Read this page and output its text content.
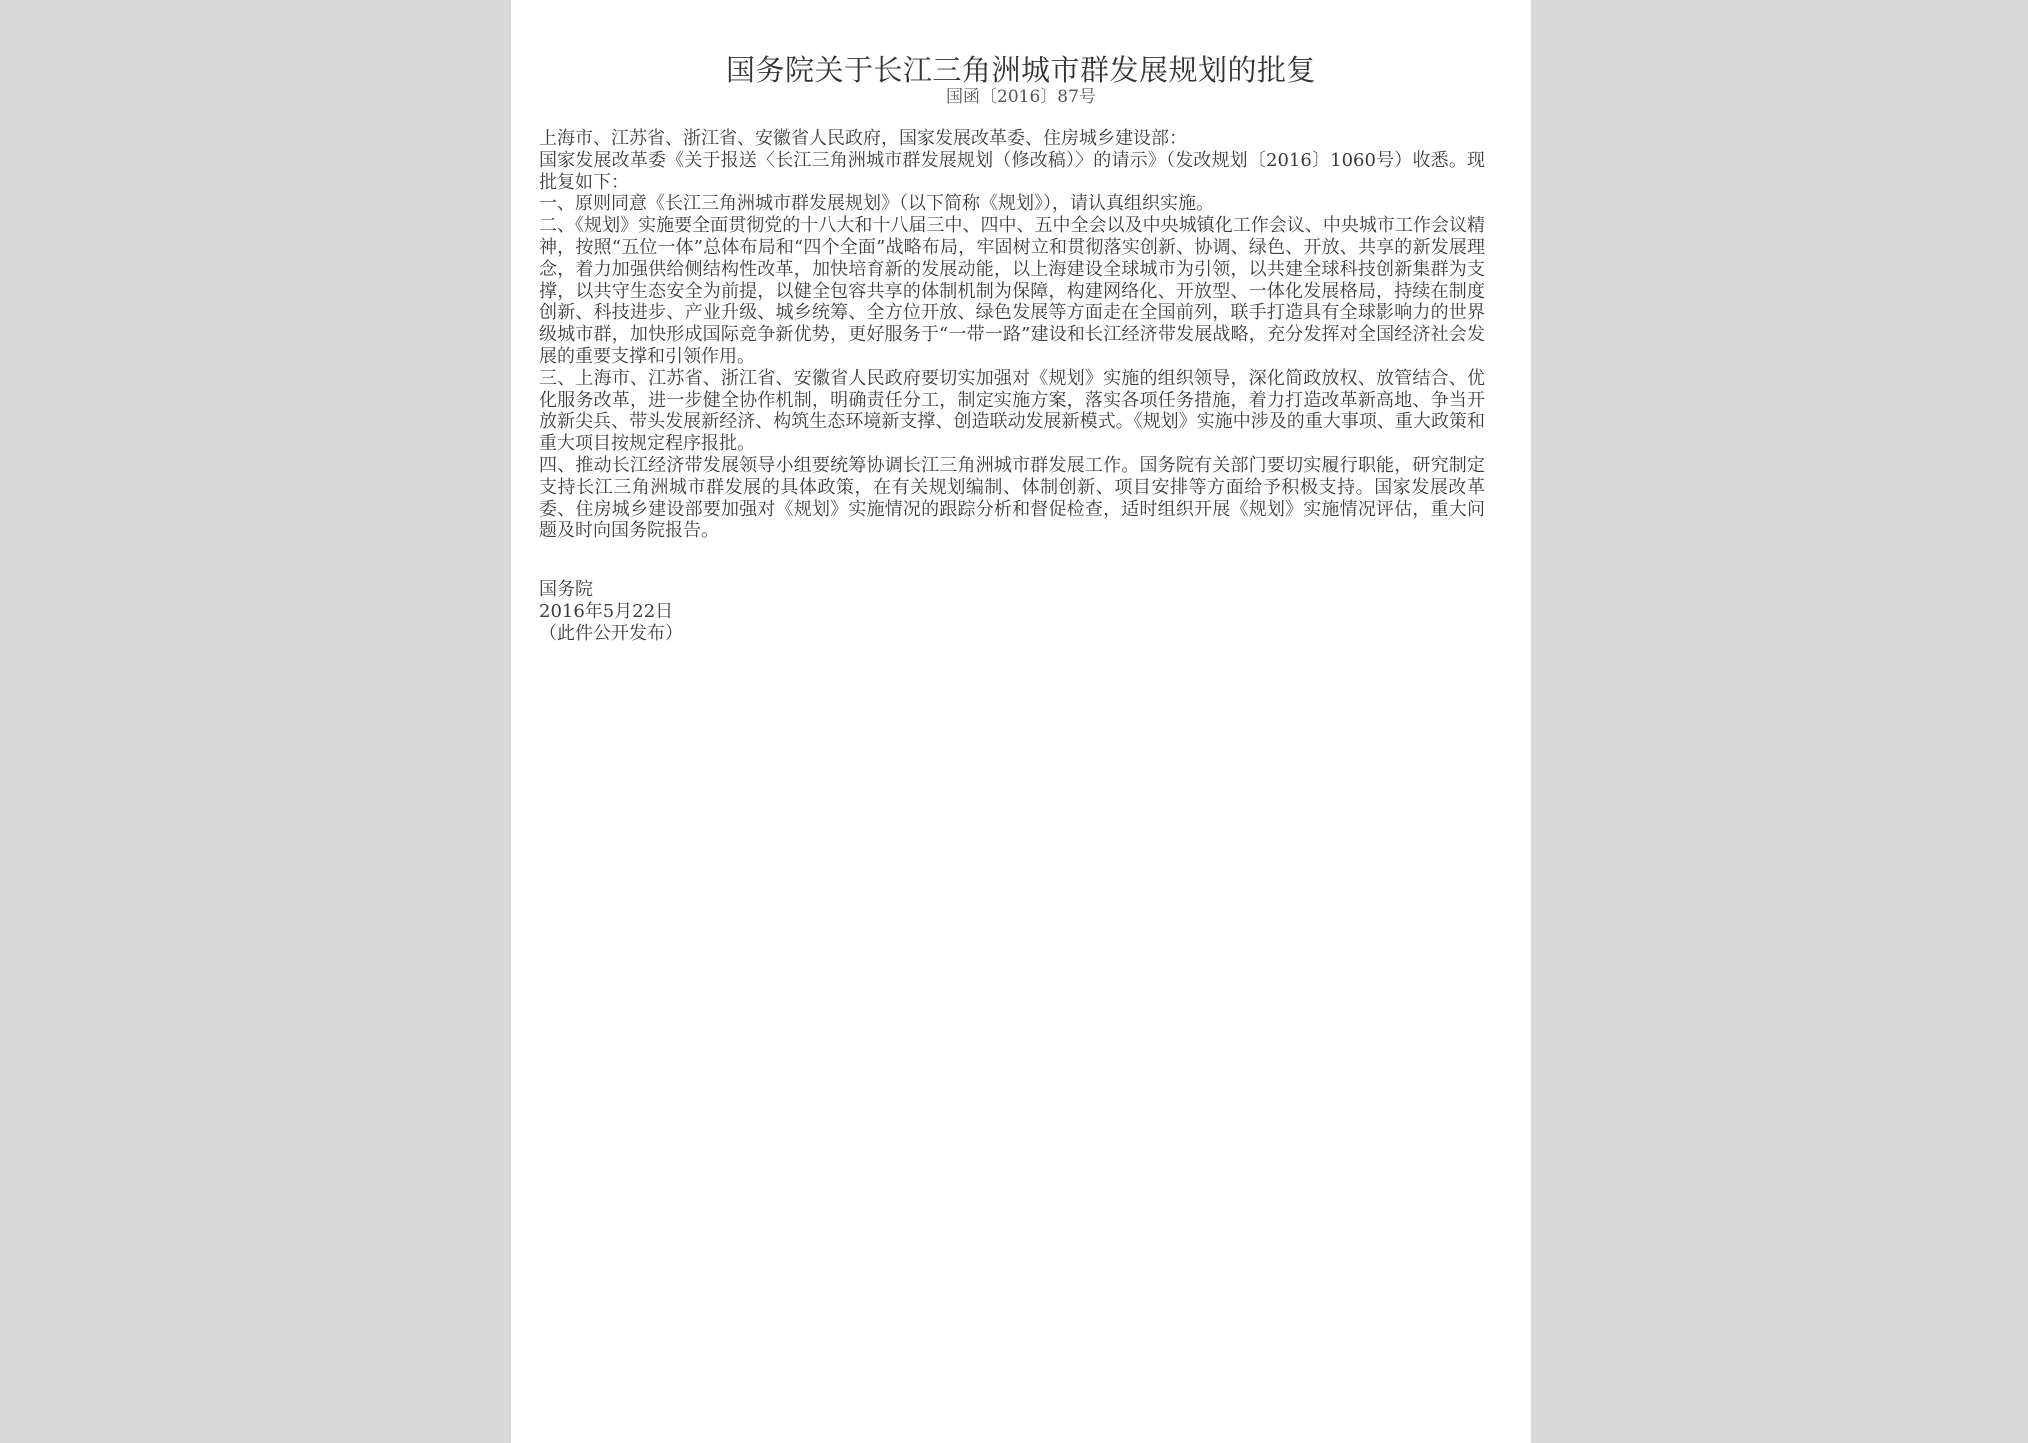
国务院关于长江三角洲城市群发展规划的批复
国函〔2016〕87号

上海市、江苏省、浙江省、安徽省人民政府，国家发展改革委、住房城乡建设部：

国家发展改革委《关于报送〈长江三角洲城市群发展规划（修改稿）〉的请示》（发改规划〔2016〕1060号）收悉。现批复如下：

一、原则同意《长江三角洲城市群发展规划》（以下简称《规划》），请认真组织实施。

二、《规划》实施要全面贯彻党的十八大和十八届三中、四中、五中全会以及中央城镇化工作会议、中央城市工作会议精神，按照“五位一体”总体布局和“四个全面”战略布局，牢固树立和贯彻落实创新、协调、绿色、开放、共享的新发展理念，着力加强供给侧结构性改革，加快培育新的发展动能，以上海建设全球城市为引领，以共建全球科技创新集群为支撑，以共守生态安全为前提，以健全包容共享的体制机制为保障，构建网络化、开放型、一体化发展格局，持续在制度创新、科技进步、产业升级、城乡统筹、全方位开放、绿色发展等方面走在全国前列，联手打造具有全球影响力的世界级城市群，加快形成国际竞争新优势，更好服务于“一带一路”建设和长江经济带发展战略，充分发挥对全国经济社会发展的重要支撑和引领作用。

三、上海市、江苏省、浙江省、安徽省人民政府要切实加强对《规划》实施的组织领导，深化简政放权、放管结合、优化服务改革，进一步健全协作机制，明确责任分工，制定实施方案，落实各项任务措施，着力打造改革新高地、争当开放新尖兵、带头发展新经济、构筑生态环境新支撑、创造联动发展新模式。《规划》实施中涉及的重大事项、重大政策和重大项目按规定程序报批。

四、推动长江经济带发展领导小组要统筹协调长江三角洲城市群发展工作。国务院有关部门要切实履行职能，研究制定支持长江三角洲城市群发展的具体政策，在有关规划编制、体制创新、项目安排等方面给予积极支持。国家发展改革委、住房城乡建设部要加强对《规划》实施情况的跟踪分析和督促检查，适时组织开展《规划》实施情况评估，重大问题及时向国务院报告。

国务院
2016年5月22日
（此件公开发布）
